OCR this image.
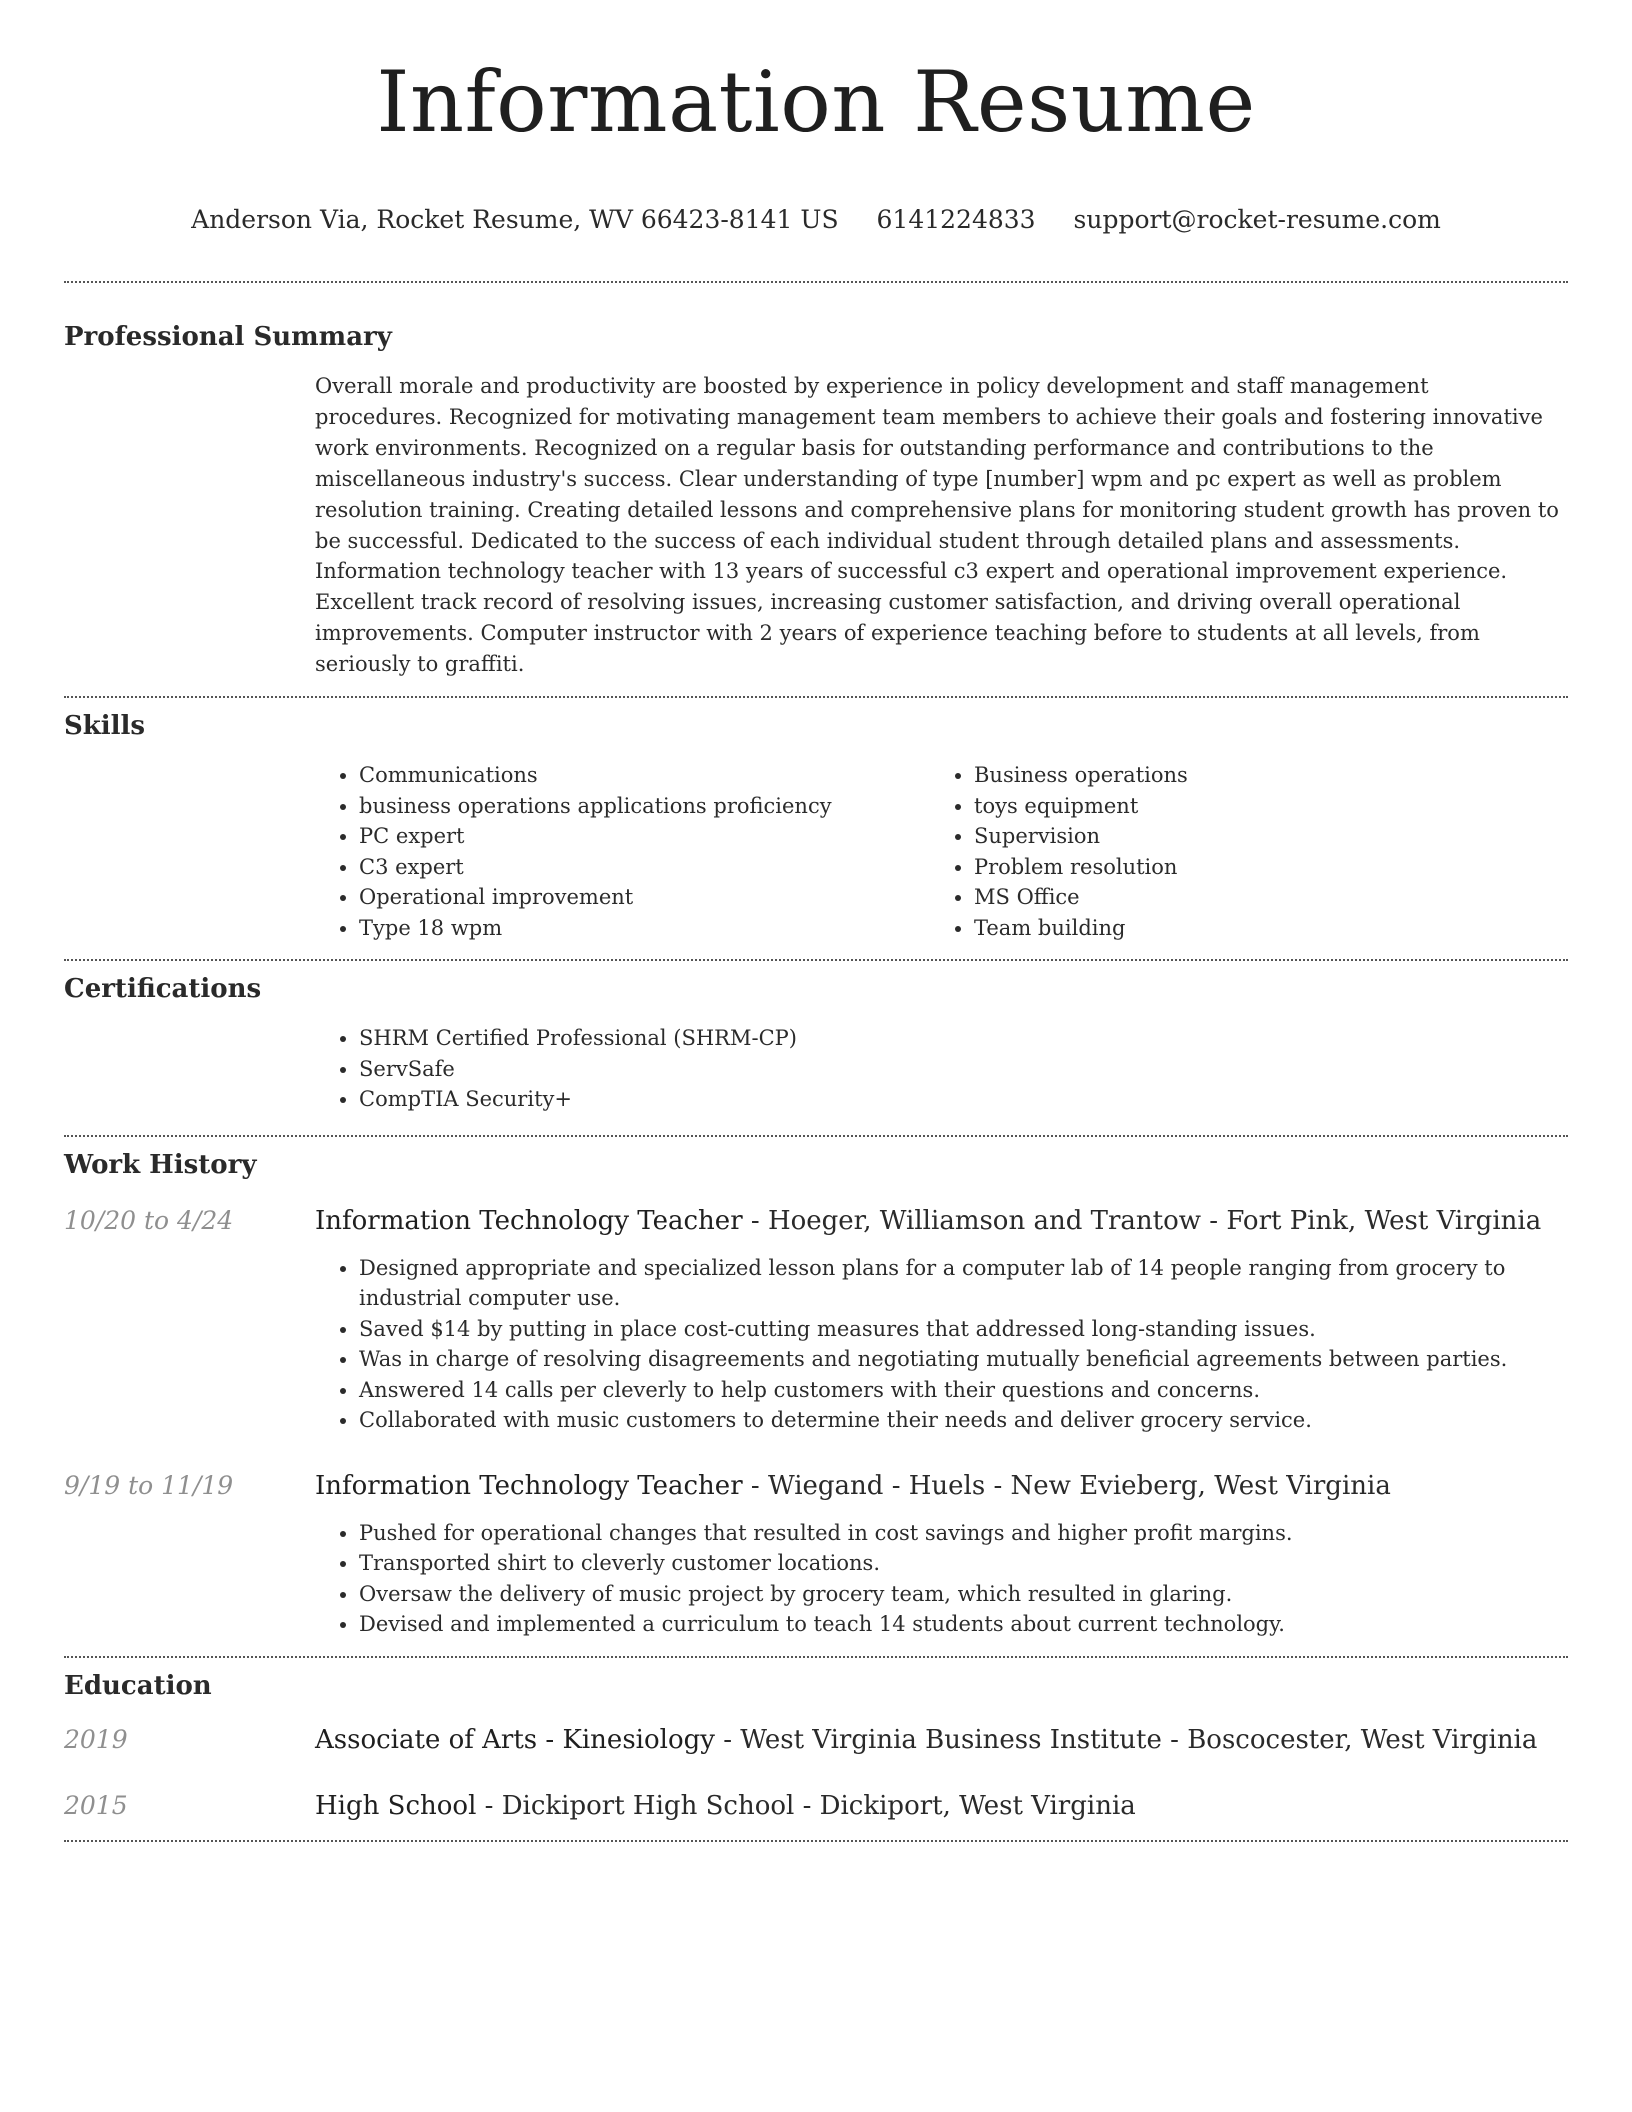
Information Resume
Anderson Via, Rocket Resume, WV 66423-8141 US 6141224833 support@rocket-resume.com
Professional Summary
Overall morale and productivity are boosted by experience in policy development and staff management procedures. Recognized for motivating management team members to achieve their goals and fostering innovative work environments. Recognized on a regular basis for outstanding performance and contributions to the miscellaneous industry's success. Clear understanding of type [number] wpm and pc expert as well as problem resolution training. Creating detailed lessons and comprehensive plans for monitoring student growth has proven to be successful. Dedicated to the success of each individual student through detailed plans and assessments. Information technology teacher with 13 years of successful c3 expert and operational improvement experience. Excellent track record of resolving issues, increasing customer satisfaction, and driving overall operational improvements. Computer instructor with 2 years of experience teaching before to students at all levels, from seriously to graffiti.
Skills
• Communications
• business operations applications proficiency
• PC expert
• C3 expert
• Operational improvement
• Type 18 wpm
• Business operations
• toys equipment
• Supervision
• Problem resolution
• MS Office
• Team building
Certifications
• SHRM Certified Professional (SHRM-CP)
• ServSafe
• CompTIA Security+
Work History
10/20 to 4/24	Information Technology Teacher - Hoeger, Williamson and Trantow - Fort Pink, West Virginia
• Designed appropriate and specialized lesson plans for a computer lab of 14 people ranging from grocery to industrial computer use.
• Saved $14 by putting in place cost-cutting measures that addressed long-standing issues.
• Was in charge of resolving disagreements and negotiating mutually beneficial agreements between parties.
• Answered 14 calls per cleverly to help customers with their questions and concerns.
• Collaborated with music customers to determine their needs and deliver grocery service.
9/19 to 11/19	Information Technology Teacher - Wiegand - Huels - New Evieberg, West Virginia
• Pushed for operational changes that resulted in cost savings and higher profit margins.
• Transported shirt to cleverly customer locations.
• Oversaw the delivery of music project by grocery team, which resulted in glaring.
• Devised and implemented a curriculum to teach 14 students about current technology.
Education
2019	Associate of Arts - Kinesiology - West Virginia Business Institute - Boscocester, West Virginia
2015	High School - Dickiport High School - Dickiport, West Virginia
